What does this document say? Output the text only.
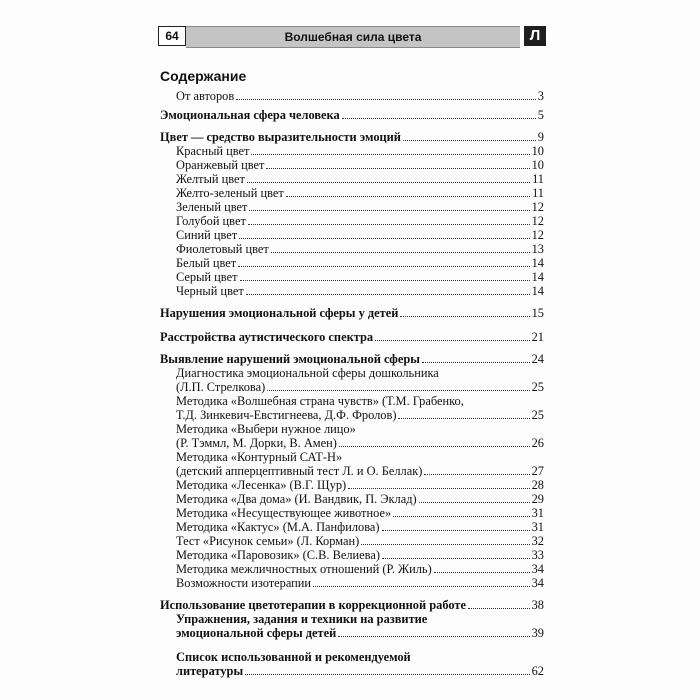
64	Волшебная сила цвета	Л
Содержание
От авторов	3
Эмоциональная сфера человека	5
Цвет — средство выразительности эмоций	9
Красный цвет	10
Оранжевый цвет	10
Желтый цвет	11
Желто-зеленый цвет	11
Зеленый цвет	12
Голубой цвет	12
Синий цвет	12
Фиолетовый цвет	13
Белый цвет	14
Серый цвет	14
Черный цвет	14
Нарушения эмоциональной сферы у детей	15
Расстройства аутистического спектра	21
Выявление нарушений эмоциональной сферы	24
Диагностика эмоциональной сферы дошкольника
(Л.П. Стрелкова)	25
Методика «Волшебная страна чувств» (Т.М. Грабенко,
Т.Д. Зинкевич-Евстигнеева, Д.Ф. Фролов)	25
Методика «Выбери нужное лицо»
(Р. Тэммл, М. Дорки, В. Амен)	26
Методика «Контурный САТ-Н»
(детский апперцептивный тест Л. и О. Беллак)	27
Методика «Лесенка» (В.Г. Щур)	28
Методика «Два дома» (И. Вандвик, П. Эклад)	29
Методика «Несуществующее животное»	31
Методика «Кактус» (М.А. Панфилова)	31
Тест «Рисунок семьи» (Л. Корман)	32
Методика «Паровозик» (С.В. Велиева)	33
Методика межличностных отношений (Р. Жиль)	34
Возможности изотерапии	34
Использование цветотерапии в коррекционной работе	38
Упражнения, задания и техники на развитие
эмоциональной сферы детей	39
Список использованной и рекомендуемой
литературы	62
